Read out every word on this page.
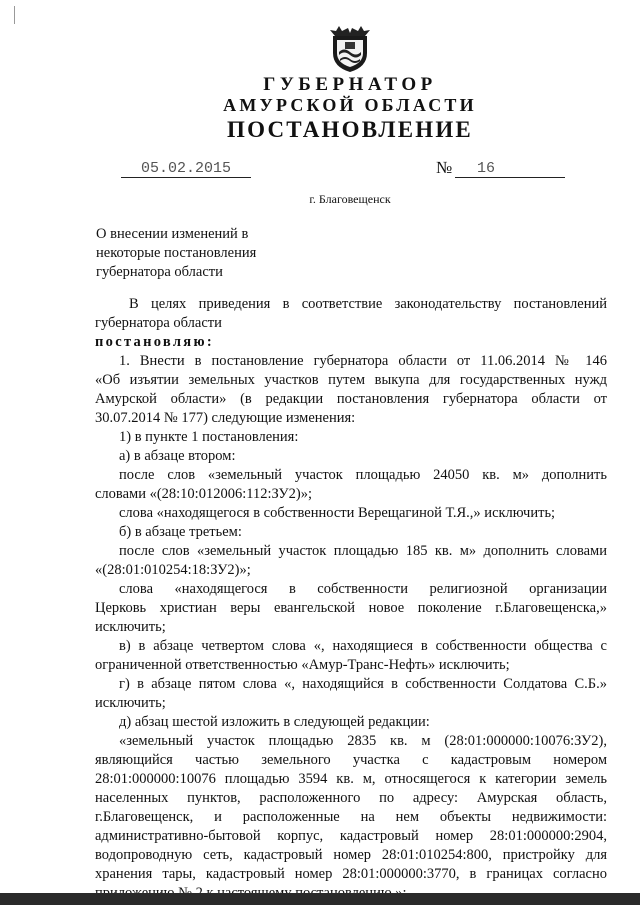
ГУБЕРНАТОР
АМУРСКОЙ ОБЛАСТИ
ПОСТАНОВЛЕНИЕ
05.02.2015	№	16
г. Благовещенск
О внесении изменений в
некоторые постановления
губернатора области
В целях приведения в соответствие законодательству постановлений
губернатора области
постановляю:
1. Внести в постановление губернатора области от 11.06.2014 № 146
«Об изъятии земельных участков путем выкупа для государственных нужд
Амурской области» (в редакции постановления губернатора области от
30.07.2014 № 177) следующие изменения:
1) в пункте 1 постановления:
а) в абзаце втором:
после слов «земельный участок площадью 24050 кв. м» дополнить
словами «(28:10:012006:112:ЗУ2)»;
слова «находящегося в собственности Верещагиной Т.Я.,» исключить;
б) в абзаце третьем:
после слов «земельный участок площадью 185 кв. м» дополнить словами
«(28:01:010254:18:ЗУ2)»;
слова «находящегося в собственности религиозной организации
Церковь христиан веры евангельской новое поколение г.Благовещенска,»
исключить;
в) в абзаце четвертом слова «, находящиеся в собственности общества с
ограниченной ответственностью «Амур-Транс-Нефть» исключить;
г) в абзаце пятом слова «, находящийся в собственности Солдатова С.Б.»
исключить;
д) абзац шестой изложить в следующей редакции:
«земельный участок площадью 2835 кв. м (28:01:000000:10076:ЗУ2),
являющийся частью земельного участка с кадастровым номером
28:01:000000:10076 площадью 3594 кв. м, относящегося к категории земель
населенных пунктов, расположенного по адресу: Амурская область,
г.Благовещенск, и расположенные на нем объекты недвижимости:
административно-бытовой корпус, кадастровый номер 28:01:000000:2904,
водопроводную сеть, кадастровый номер 28:01:010254:800, пристройку для
хранения тары, кадастровый номер 28:01:000000:3770, в границах согласно
